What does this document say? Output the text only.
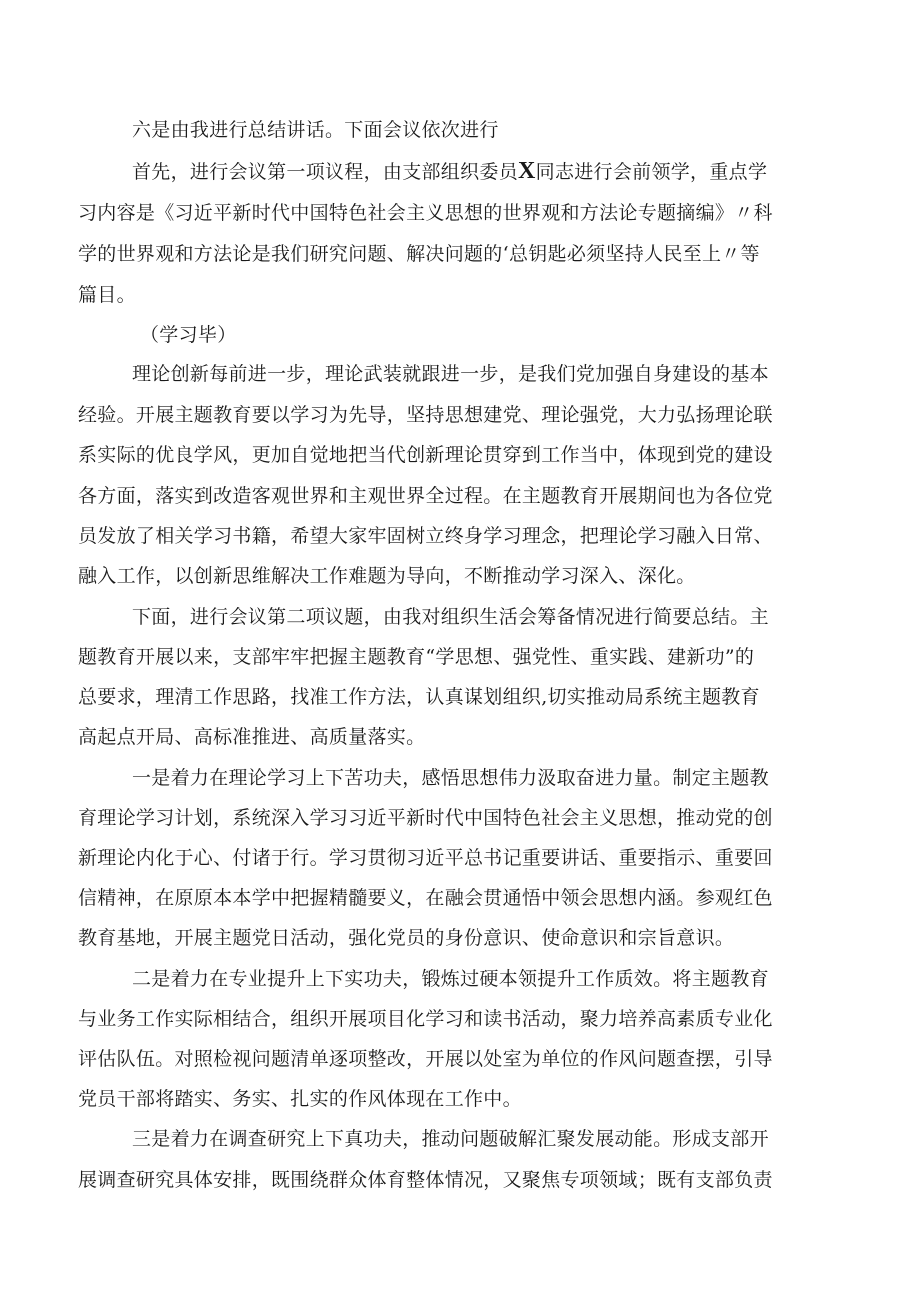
六是由我进行总结讲话。下面会议依次进行
首先，进行会议第一项议程，由支部组织委员X同志进行会前领学，重点学
习内容是《习近平新时代中国特色社会主义思想的世界观和方法论专题摘编》〃科
学的世界观和方法论是我们研究问题、解决问题的‘总钥匙必须坚持人民至上〃等
篇目。
（学习毕）
理论创新每前进一步，理论武装就跟进一步，是我们党加强自身建设的基本
经验。开展主题教育要以学习为先导，坚持思想建党、理论强党，大力弘扬理论联
系实际的优良学风，更加自觉地把当代创新理论贯穿到工作当中，体现到党的建设
各方面，落实到改造客观世界和主观世界全过程。在主题教育开展期间也为各位党
员发放了相关学习书籍，希望大家牢固树立终身学习理念，把理论学习融入日常、
融入工作，以创新思维解决工作难题为导向，不断推动学习深入、深化。
下面，进行会议第二项议题，由我对组织生活会筹备情况进行简要总结。主
题教育开展以来，支部牢牢把握主题教育“学思想、强党性、重实践、建新功”的
总要求，理清工作思路，找准工作方法，认真谋划组织,切实推动局系统主题教育
高起点开局、高标准推进、高质量落实。
一是着力在理论学习上下苦功夫，感悟思想伟力汲取奋进力量。制定主题教
育理论学习计划，系统深入学习习近平新时代中国特色社会主义思想，推动党的创
新理论内化于心、付诸于行。学习贯彻习近平总书记重要讲话、重要指示、重要回
信精神，在原原本本学中把握精髓要义，在融会贯通悟中领会思想内涵。参观红色
教育基地，开展主题党日活动，强化党员的身份意识、使命意识和宗旨意识。
二是着力在专业提升上下实功夫，锻炼过硬本领提升工作质效。将主题教育
与业务工作实际相结合，组织开展项目化学习和读书活动，聚力培养高素质专业化
评估队伍。对照检视问题清单逐项整改，开展以处室为单位的作风问题查摆，引导
党员干部将踏实、务实、扎实的作风体现在工作中。
三是着力在调查研究上下真功夫，推动问题破解汇聚发展动能。形成支部开
展调查研究具体安排，既围绕群众体育整体情况，又聚焦专项领域；既有支部负责
